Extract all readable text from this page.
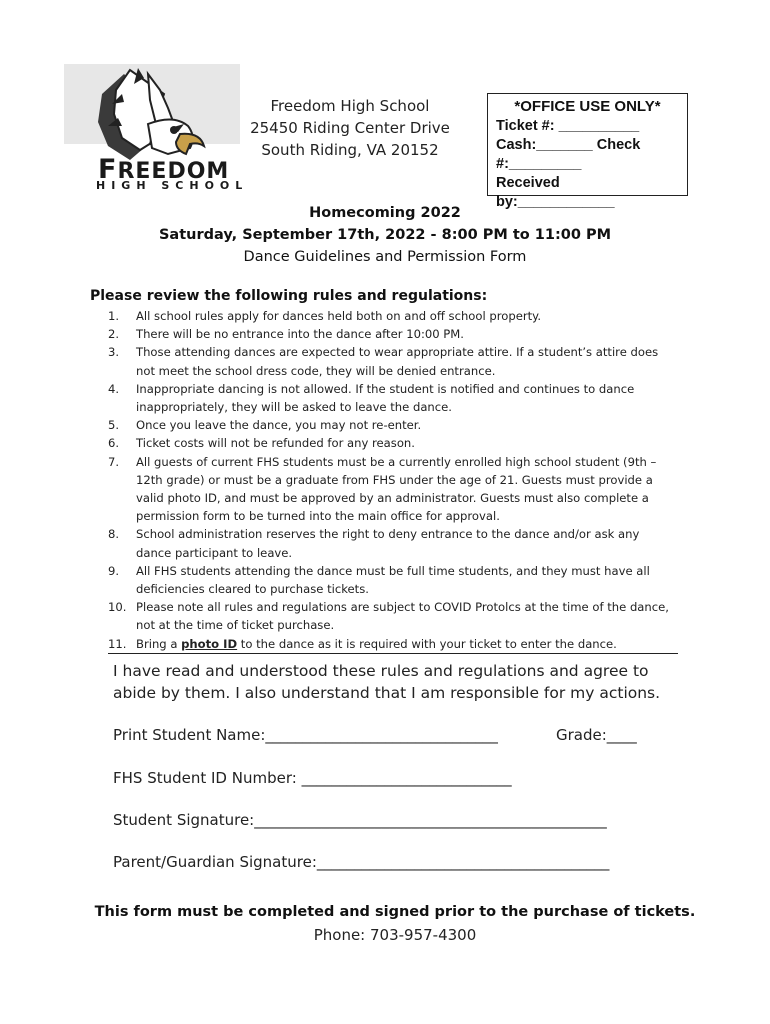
FREEDOM
HIGH SCHOOL
Freedom High School
25450 Riding Center Drive
South Riding, VA 20152
*OFFICE USE ONLY*
Ticket #: __________
Cash:_______ Check
#:_________
Received by:____________
Homecoming 2022
Saturday, September 17th, 2022 - 8:00 PM to 11:00 PM
Dance Guidelines and Permission Form
Please review the following rules and regulations:
1.	All school rules apply for dances held both on and off school property.
2.	There will be no entrance into the dance after 10:00 PM.
3.	Those attending dances are expected to wear appropriate attire. If a student’s attire does not meet the school dress code, they will be denied entrance.
4.	Inappropriate dancing is not allowed. If the student is notified and continues to dance inappropriately, they will be asked to leave the dance.
5.	Once you leave the dance, you may not re-enter.
6.	Ticket costs will not be refunded for any reason.
7.	All guests of current FHS students must be a currently enrolled high school student (9th – 12th grade) or must be a graduate from FHS under the age of 21. Guests must provide a valid photo ID, and must be approved by an administrator. Guests must also complete a permission form to be turned into the main office for approval.
8.	School administration reserves the right to deny entrance to the dance and/or ask any dance participant to leave.
9.	All FHS students attending the dance must be full time students, and they must have all deficiencies cleared to purchase tickets.
10. Please note all rules and regulations are subject to COVID Protolcs at the time of the dance, not at the time of ticket purchase.
11. Bring a photo ID to the dance as it is required with your ticket to enter the dance.
I have read and understood these rules and regulations and agree to abide by them. I also understand that I am responsible for my actions.
Print Student Name:_______________________________	Grade:____
FHS Student ID Number: ____________________________
Student Signature:_______________________________________________
Parent/Guardian Signature:_______________________________________
This form must be completed and signed prior to the purchase of tickets.
Phone: 703-957-4300
